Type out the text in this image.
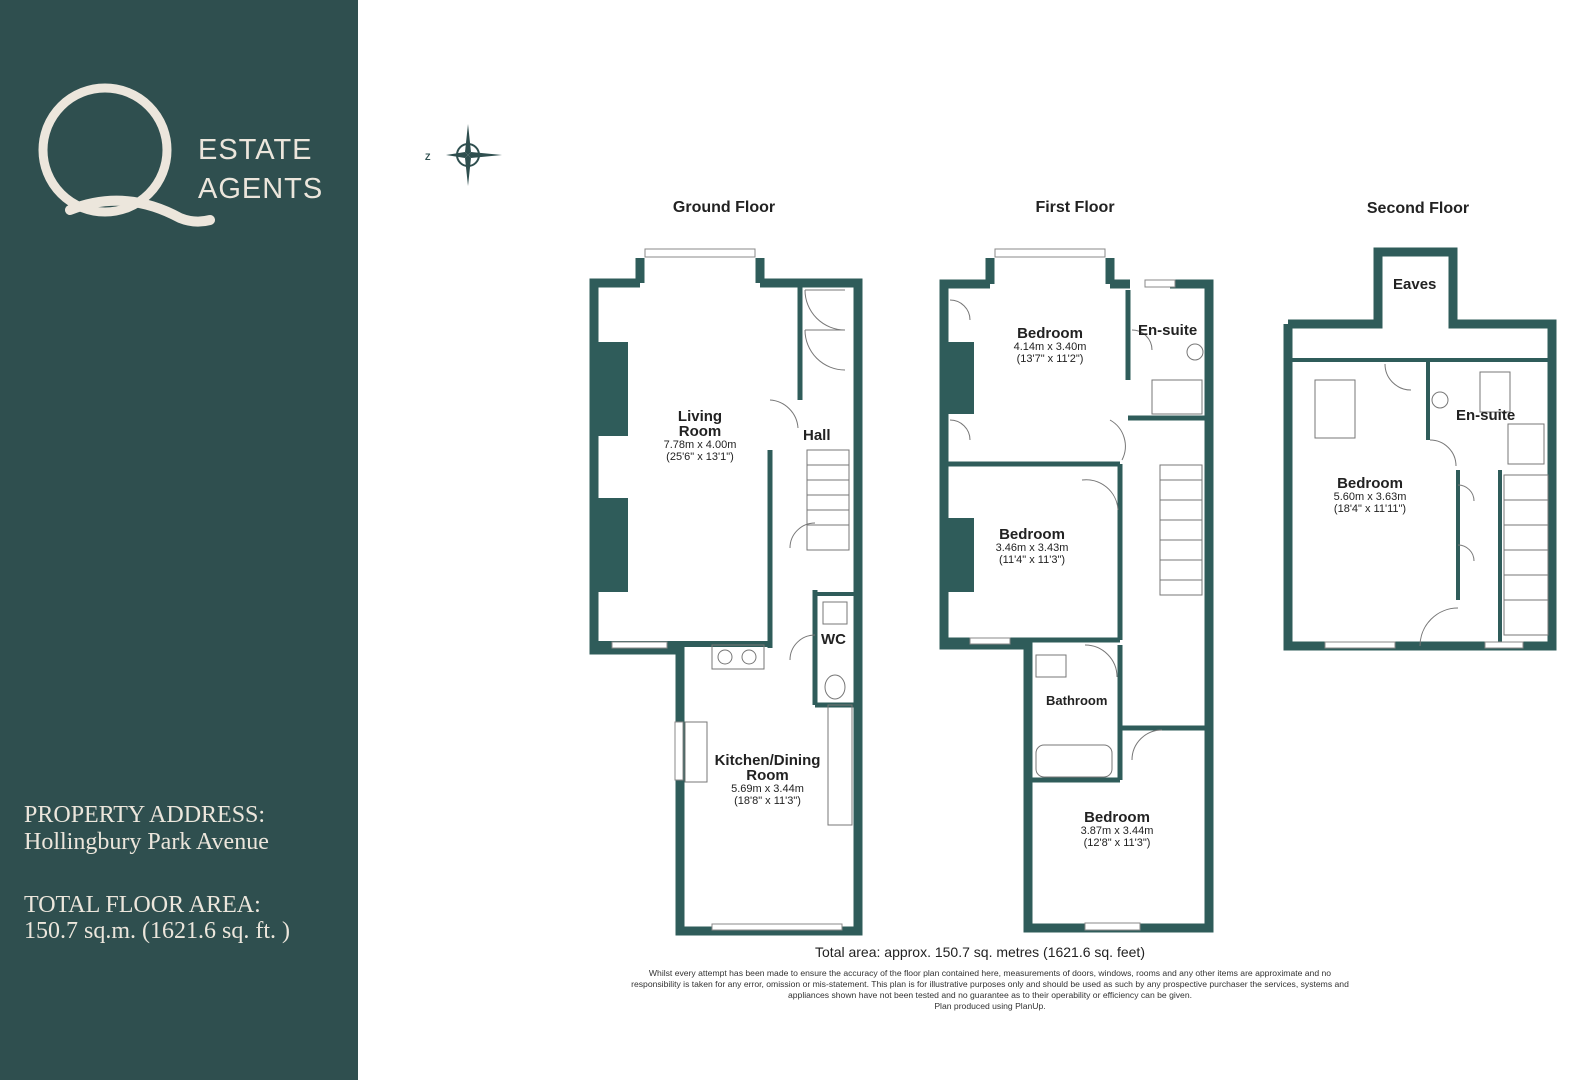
ESTATE
AGENTS
PROPERTY ADDRESS:
Hollingbury Park Avenue
TOTAL FLOOR AREA:
150.7 sq.m. (1621.6 sq. ft. )
Z
Ground Floor	First Floor	Second Floor
Living
Room
7.78m x 4.00m
(25'6" x 13'1")
Hall
WC
Kitchen/Dining
Room
5.69m x 3.44m
(18'8" x 11'3")
Bedroom
4.14m x 3.40m
(13'7" x 11'2")
En-suite
Bedroom
3.46m x 3.43m
(11'4" x 11'3")
Bathroom
Bedroom
3.87m x 3.44m
(12'8" x 11'3")
Eaves
En-suite
Bedroom
5.60m x 3.63m
(18'4" x 11'11")
Total area: approx. 150.7 sq. metres (1621.6 sq. feet)
Whilst every attempt has been made to ensure the accuracy of the floor plan contained here, measurements of doors, windows, rooms and any other items are approximate and no
responsibility is taken for any error, omission or mis-statement. This plan is for illustrative purposes only and should be used as such by any prospective purchaser the services, systems and
appliances shown have not been tested and no guarantee as to their operability or efficiency can be given.
Plan produced using PlanUp.
